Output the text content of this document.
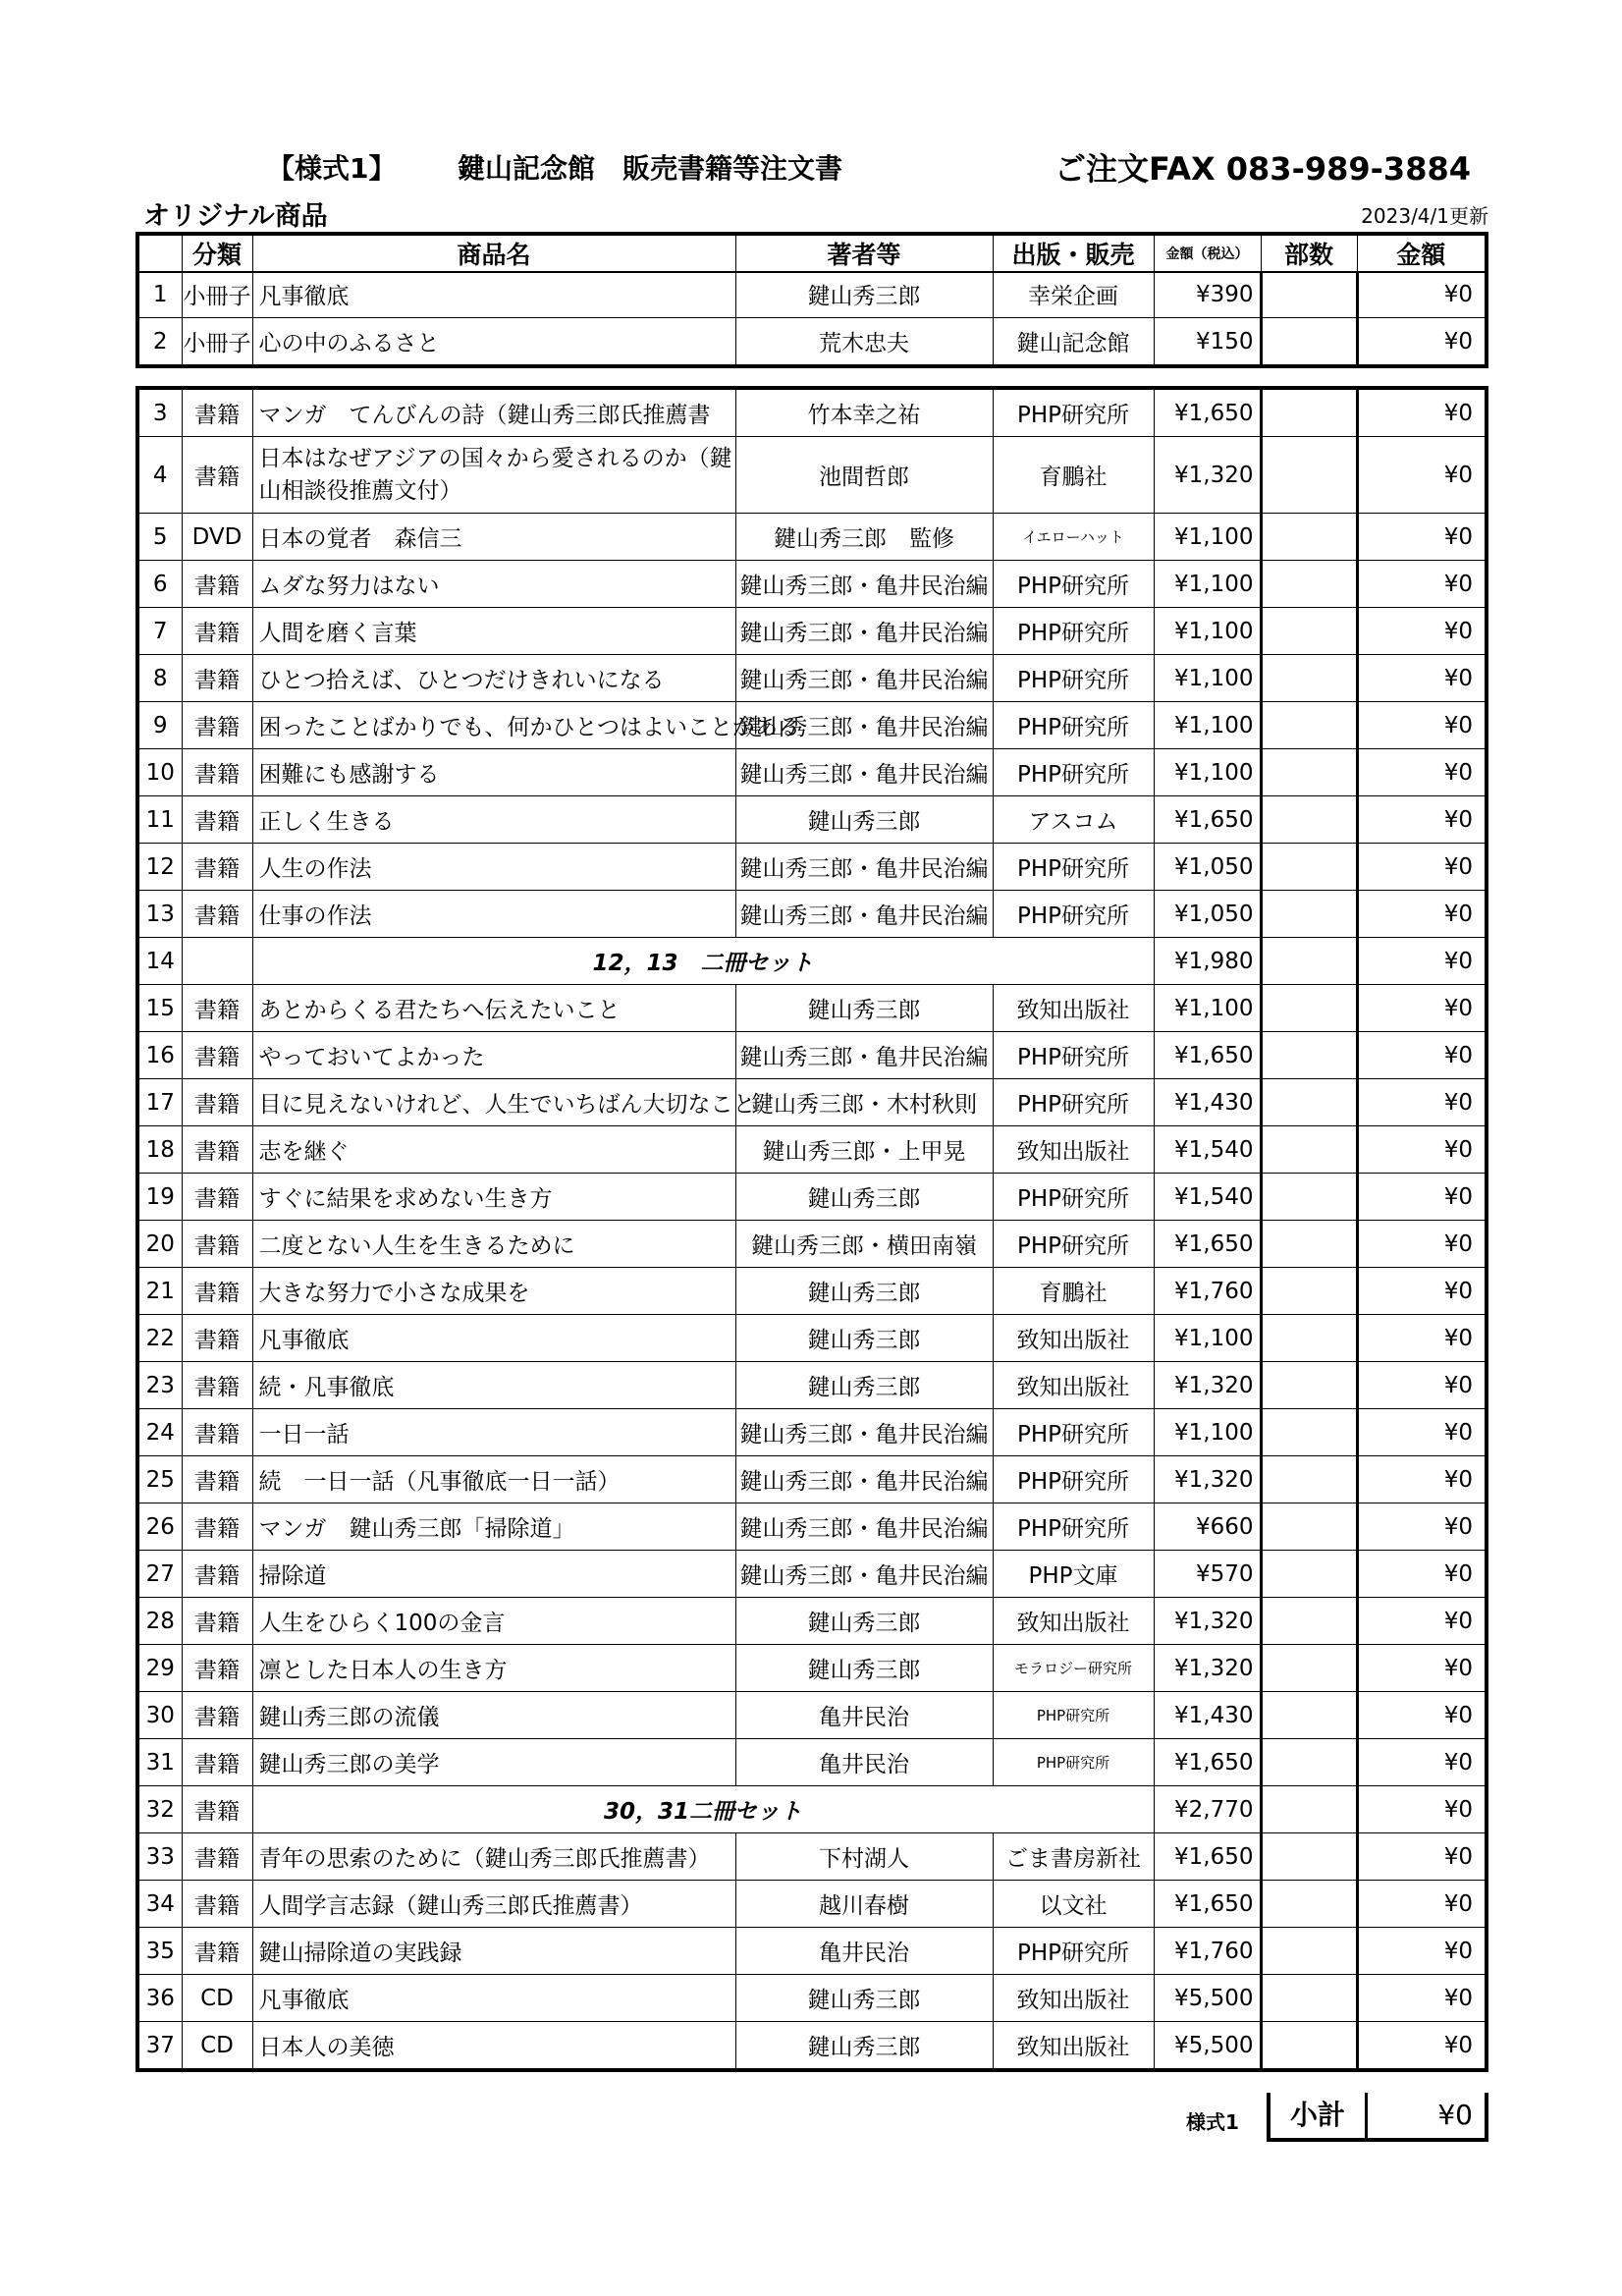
【様式1】 鍵山記念館　販売書籍等注文書	ご注文FAX 083-989-3884
オリジナル商品	2023/4/1更新
	分類	商品名	著者等	出版・販売	金額（税込）	部数	金額
1	小冊子	凡事徹底	鍵山秀三郎	幸栄企画	¥390		¥0
2	小冊子	心の中のふるさと	荒木忠夫	鍵山記念館	¥150		¥0
3	書籍	マンガ　てんびんの詩（鍵山秀三郎氏推薦書	竹本幸之祐	PHP研究所	¥1,650		¥0
4	書籍	日本はなぜアジアの国々から愛されるのか（鍵山相談役推薦文付）	池間哲郎	育鵬社	¥1,320		¥0
5	DVD	日本の覚者　森信三	鍵山秀三郎　監修	イエローハット	¥1,100		¥0
6	書籍	ムダな努力はない	鍵山秀三郎・亀井民治編	PHP研究所	¥1,100		¥0
7	書籍	人間を磨く言葉	鍵山秀三郎・亀井民治編	PHP研究所	¥1,100		¥0
8	書籍	ひとつ拾えば、ひとつだけきれいになる	鍵山秀三郎・亀井民治編	PHP研究所	¥1,100		¥0
9	書籍	困ったことばかりでも、何かひとつはよいことがある	鍵山秀三郎・亀井民治編	PHP研究所	¥1,100		¥0
10	書籍	困難にも感謝する	鍵山秀三郎・亀井民治編	PHP研究所	¥1,100		¥0
11	書籍	正しく生きる	鍵山秀三郎	アスコム	¥1,650		¥0
12	書籍	人生の作法	鍵山秀三郎・亀井民治編	PHP研究所	¥1,050		¥0
13	書籍	仕事の作法	鍵山秀三郎・亀井民治編	PHP研究所	¥1,050		¥0
14		12，13　二冊セット			¥1,980		¥0
15	書籍	あとからくる君たちへ伝えたいこと	鍵山秀三郎	致知出版社	¥1,100		¥0
16	書籍	やっておいてよかった	鍵山秀三郎・亀井民治編	PHP研究所	¥1,650		¥0
17	書籍	目に見えないけれど、人生でいちばん大切なこと	鍵山秀三郎・木村秋則	PHP研究所	¥1,430		¥0
18	書籍	志を継ぐ	鍵山秀三郎・上甲晃	致知出版社	¥1,540		¥0
19	書籍	すぐに結果を求めない生き方	鍵山秀三郎	PHP研究所	¥1,540		¥0
20	書籍	二度とない人生を生きるために	鍵山秀三郎・横田南嶺	PHP研究所	¥1,650		¥0
21	書籍	大きな努力で小さな成果を	鍵山秀三郎	育鵬社	¥1,760		¥0
22	書籍	凡事徹底	鍵山秀三郎	致知出版社	¥1,100		¥0
23	書籍	続・凡事徹底	鍵山秀三郎	致知出版社	¥1,320		¥0
24	書籍	一日一話	鍵山秀三郎・亀井民治編	PHP研究所	¥1,100		¥0
25	書籍	続　一日一話（凡事徹底一日一話）	鍵山秀三郎・亀井民治編	PHP研究所	¥1,320		¥0
26	書籍	マンガ　鍵山秀三郎「掃除道」	鍵山秀三郎・亀井民治編	PHP研究所	¥660		¥0
27	書籍	掃除道	鍵山秀三郎・亀井民治編	PHP文庫	¥570		¥0
28	書籍	人生をひらく100の金言	鍵山秀三郎	致知出版社	¥1,320		¥0
29	書籍	凛とした日本人の生き方	鍵山秀三郎	モラロジー研究所	¥1,320		¥0
30	書籍	鍵山秀三郎の流儀	亀井民治	PHP研究所	¥1,430		¥0
31	書籍	鍵山秀三郎の美学	亀井民治	PHP研究所	¥1,650		¥0
32	書籍	30，31二冊セット			¥2,770		¥0
33	書籍	青年の思索のために（鍵山秀三郎氏推薦書）	下村湖人	ごま書房新社	¥1,650		¥0
34	書籍	人間学言志録（鍵山秀三郎氏推薦書）	越川春樹	以文社	¥1,650		¥0
35	書籍	鍵山掃除道の実践録	亀井民治	PHP研究所	¥1,760		¥0
36	CD	凡事徹底	鍵山秀三郎	致知出版社	¥5,500		¥0
37	CD	日本人の美徳	鍵山秀三郎	致知出版社	¥5,500		¥0
様式1	小計	¥0
